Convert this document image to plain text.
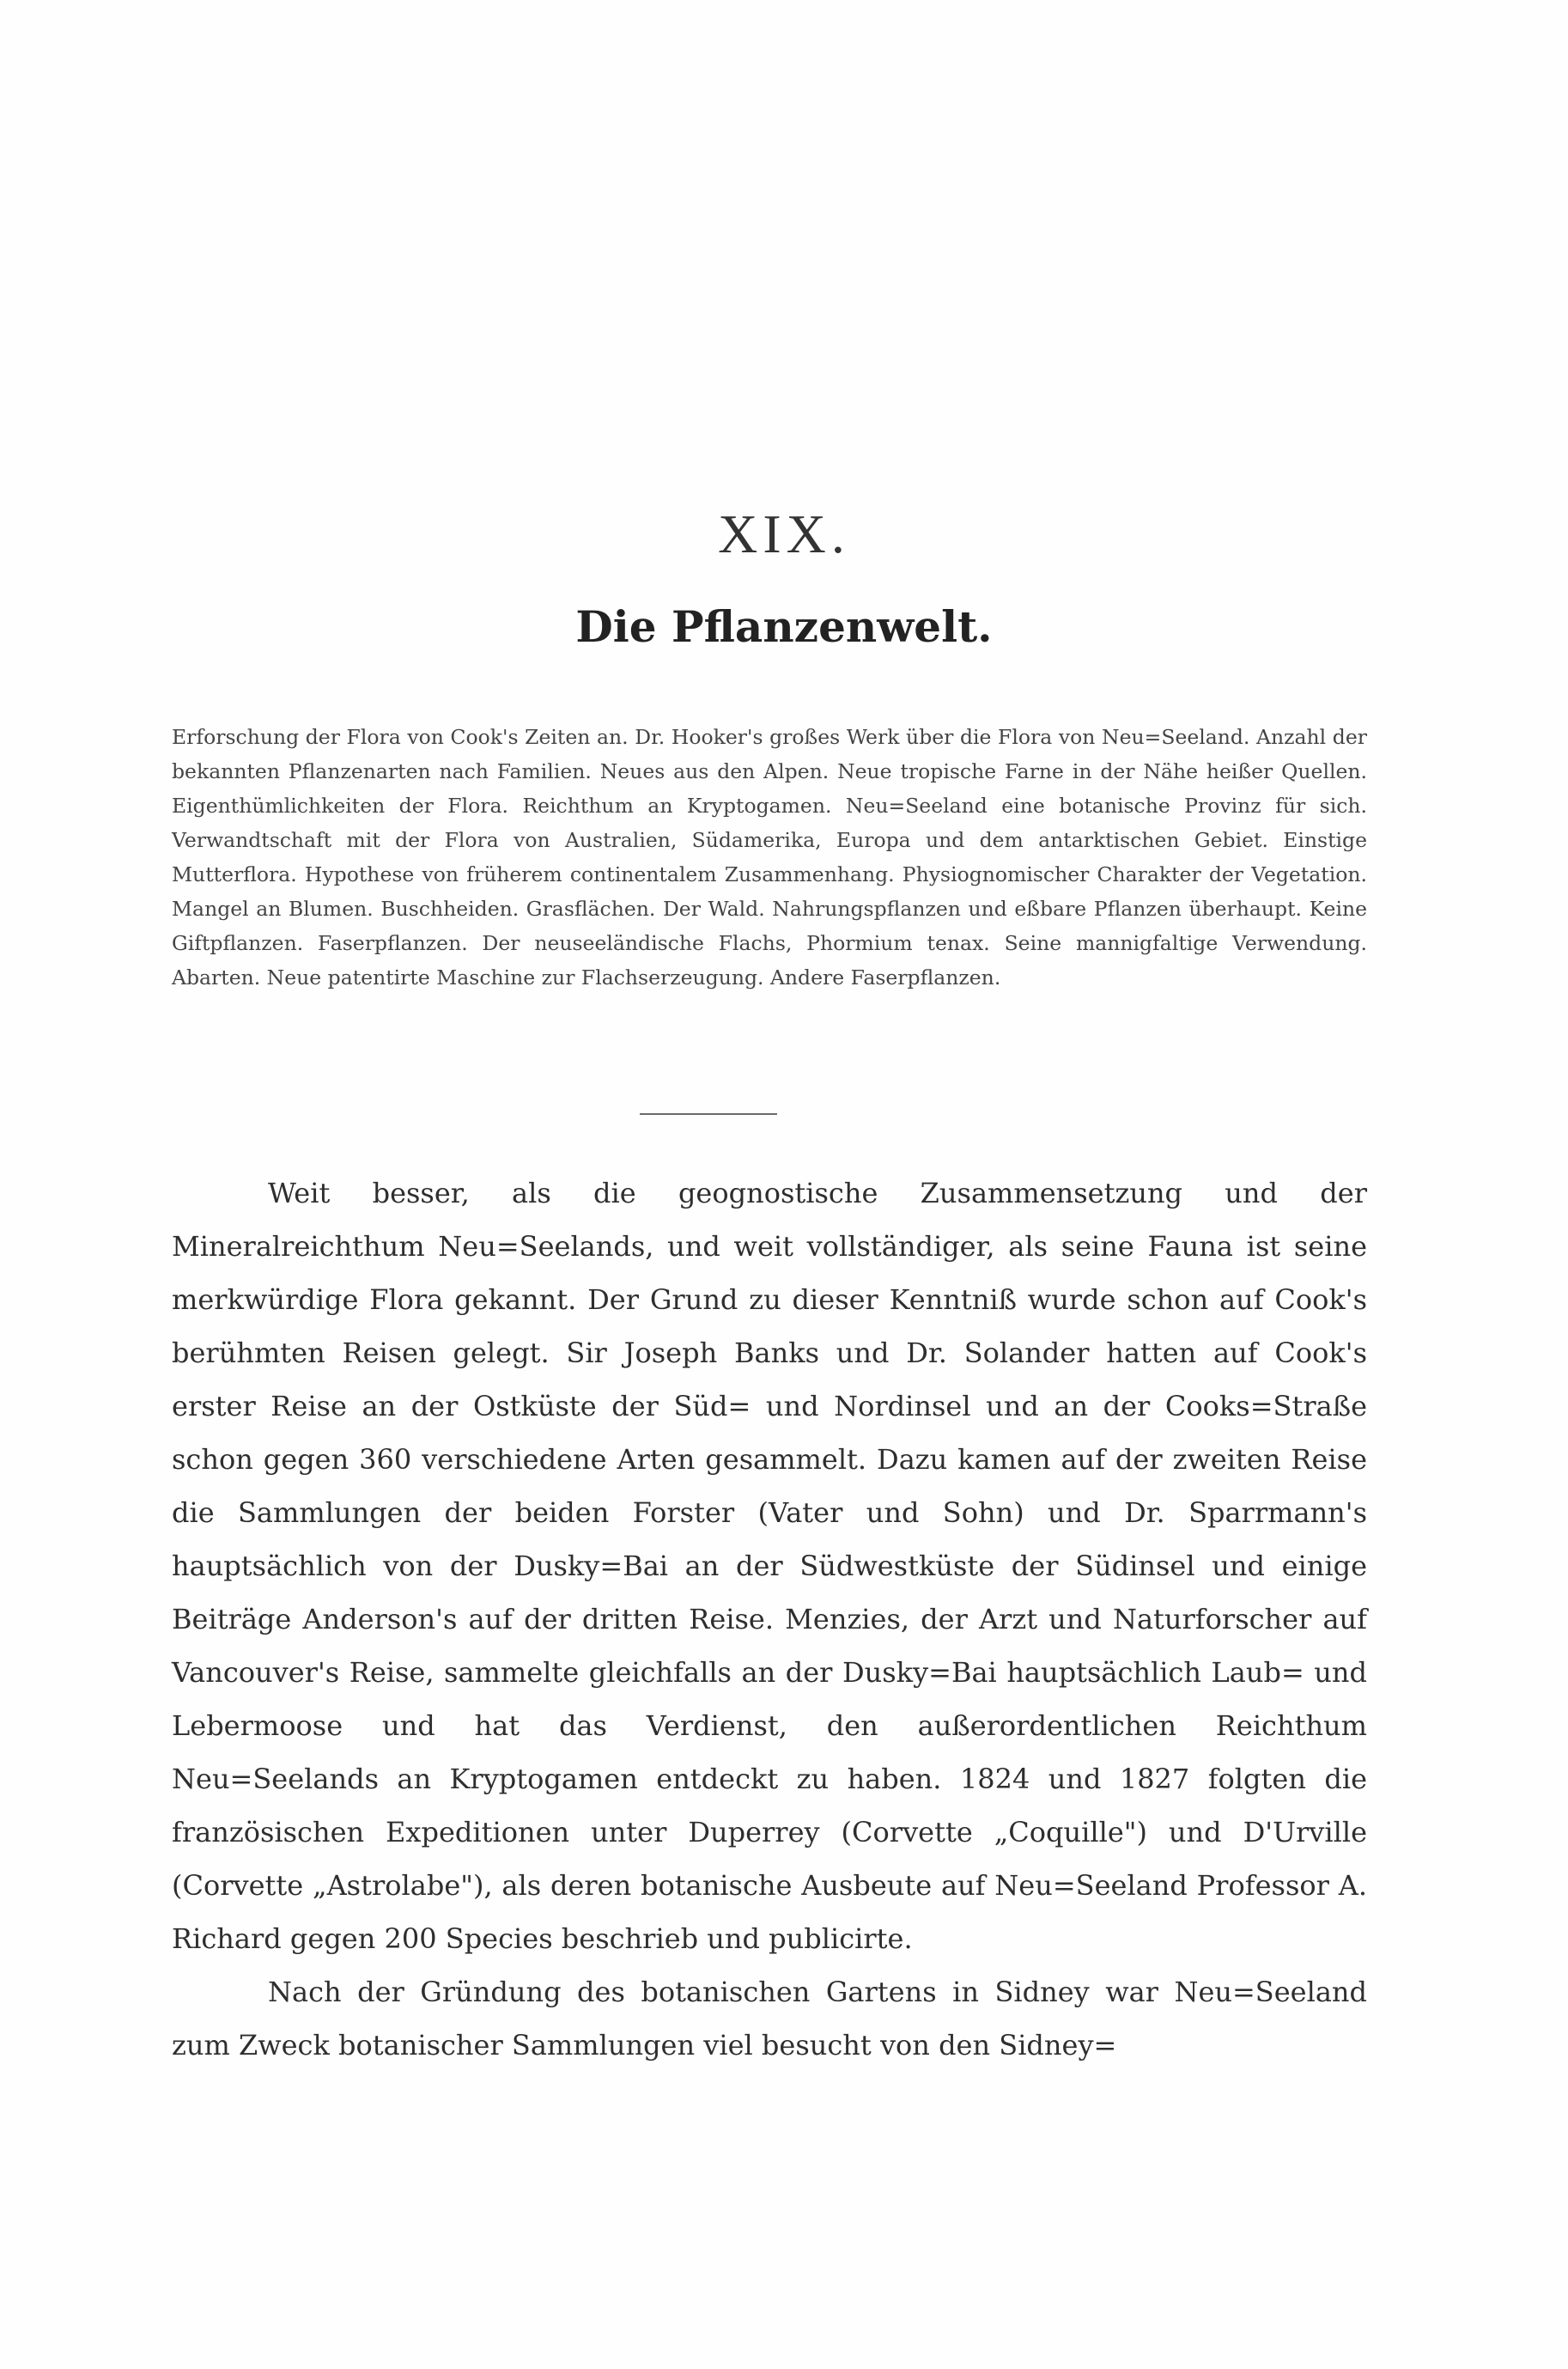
XIX.
Die Pflanzenwelt.

Erforschung der Flora von Cook's Zeiten an. Dr. Hooker's großes Werk über die Flora von Neu=Seeland. Anzahl der bekannten Pflanzenarten nach Familien. Neues aus den Alpen. Neue tropische Farne in der Nähe heißer Quellen. Eigenthümlichkeiten der Flora. Reichthum an Kryptogamen. Neu=Seeland eine botanische Provinz für sich. Verwandtschaft mit der Flora von Australien, Südamerika, Europa und dem antarktischen Gebiet. Einstige Mutterflora. Hypothese von früherem continentalem Zusammenhang. Physiognomischer Charakter der Vegetation. Mangel an Blumen. Buschheiden. Grasflächen. Der Wald. Nahrungspflanzen und eßbare Pflanzen überhaupt. Keine Giftpflanzen. Faserpflanzen. Der neuseeländische Flachs, Phormium tenax. Seine mannigfaltige Verwendung. Abarten. Neue patentirte Maschine zur Flachserzeugung. Andere Faserpflanzen.

Weit besser, als die geognostische Zusammensetzung und der Mineralreichthum Neu=Seelands, und weit vollständiger, als seine Fauna ist seine merkwürdige Flora gekannt. Der Grund zu dieser Kenntniß wurde schon auf Cook's berühmten Reisen gelegt. Sir Joseph Banks und Dr. Solander hatten auf Cook's erster Reise an der Ostküste der Süd= und Nordinsel und an der Cooks=Straße schon gegen 360 verschiedene Arten gesammelt. Dazu kamen auf der zweiten Reise die Sammlungen der beiden Forster (Vater und Sohn) und Dr. Sparrmann's hauptsächlich von der Dusky=Bai an der Südwestküste der Südinsel und einige Beiträge Anderson's auf der dritten Reise. Menzies, der Arzt und Naturforscher auf Vancouver's Reise, sammelte gleichfalls an der Dusky=Bai hauptsächlich Laub= und Lebermoose und hat das Verdienst, den außerordentlichen Reichthum Neu=Seelands an Kryptogamen entdeckt zu haben. 1824 und 1827 folgten die französischen Expeditionen unter Duperrey (Corvette „Coquille") und D'Urville (Corvette „Astrolabe"), als deren botanische Ausbeute auf Neu=Seeland Professor A. Richard gegen 200 Species beschrieb und publicirte.

Nach der Gründung des botanischen Gartens in Sidney war Neu=Seeland zum Zweck botanischer Sammlungen viel besucht von den Sidney=
